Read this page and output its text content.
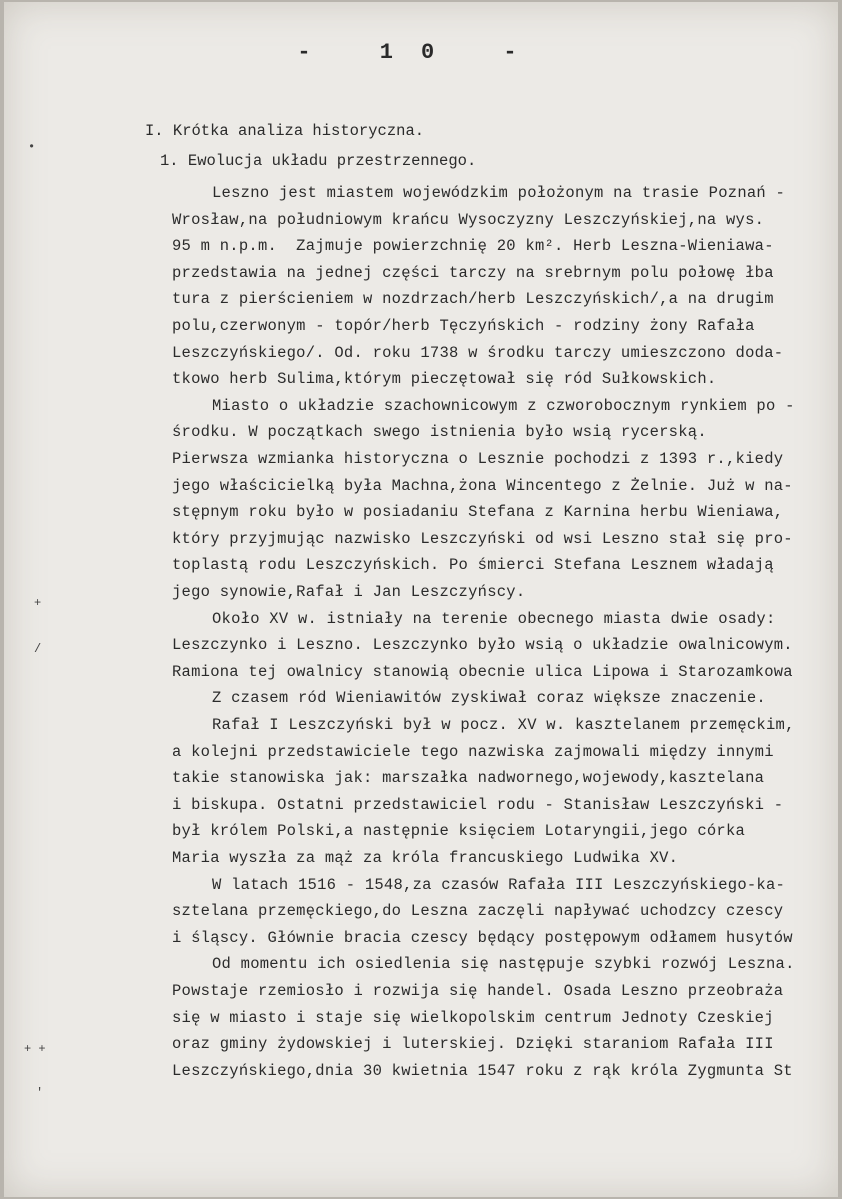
- 10 -
I. Krótka analiza historyczna.
1. Ewolucja układu przestrzennego.
Leszno jest miastem wojewódzkim położonym na trasie Poznań -
Wrosław,na południowym krańcu Wysoczyzny Leszczyńskiej,na wys.
95 m n.p.m.  Zajmuje powierzchnię 20 km². Herb Leszna-Wieniawa-
przedstawia na jednej części tarczy na srebrnym polu połowę łba
tura z pierścieniem w nozdrzach/herb Leszczyńskich/,a na drugim
polu,czerwonym - topór/herb Tęczyńskich - rodziny żony Rafała
Leszczyńskiego/. Od. roku 1738 w środku tarczy umieszczono doda-
tkowo herb Sulima,którym pieczętował się ród Sułkowskich.
Miasto o układzie szachownicowym z czworobocznym rynkiem po -
środku. W początkach swego istnienia było wsią rycerską.
Pierwsza wzmianka historyczna o Lesznie pochodzi z 1393 r.,kiedy
jego właścicielką była Machna,żona Wincentego z Żelnie. Już w na-
stępnym roku było w posiadaniu Stefana z Karnina herbu Wieniawa,
który przyjmując nazwisko Leszczyński od wsi Leszno stał się pro-
toplastą rodu Leszczyńskich. Po śmierci Stefana Lesznem władają
jego synowie,Rafał i Jan Leszczyńscy.
Około XV w. istniały na terenie obecnego miasta dwie osady:
Leszczynko i Leszno. Leszczynko było wsią o układzie owalnicowym.
Ramiona tej owalnicy stanowią obecnie ulica Lipowa i Starozamkowa
Z czasem ród Wieniawitów zyskiwał coraz większe znaczenie.
Rafał I Leszczyński był w pocz. XV w. kasztelanem przemęckim,
a kolejni przedstawiciele tego nazwiska zajmowali między innymi
takie stanowiska jak: marszałka nadwornego,wojewody,kasztelana
i biskupa. Ostatni przedstawiciel rodu - Stanisław Leszczyński -
był królem Polski,a następnie księciem Lotaryngii,jego córka
Maria wyszła za mąż za króla francuskiego Ludwika XV.
W latach 1516 - 1548,za czasów Rafała III Leszczyńskiego-ka-
sztelana przemęckiego,do Leszna zaczęli napływać uchodzcy czescy
i śląscy. Głównie bracia czescy będący postępowym odłamem husytów
Od momentu ich osiedlenia się następuje szybki rozwój Leszna.
Powstaje rzemiosło i rozwija się handel. Osada Leszno przeobraża
się w miasto i staje się wielkopolskim centrum Jednoty Czeskiej
oraz gminy żydowskiej i luterskiej. Dzięki staraniom Rafała III
Leszczyńskiego,dnia 30 kwietnia 1547 roku z rąk króla Zygmunta St
•
+
/
+ +
'
